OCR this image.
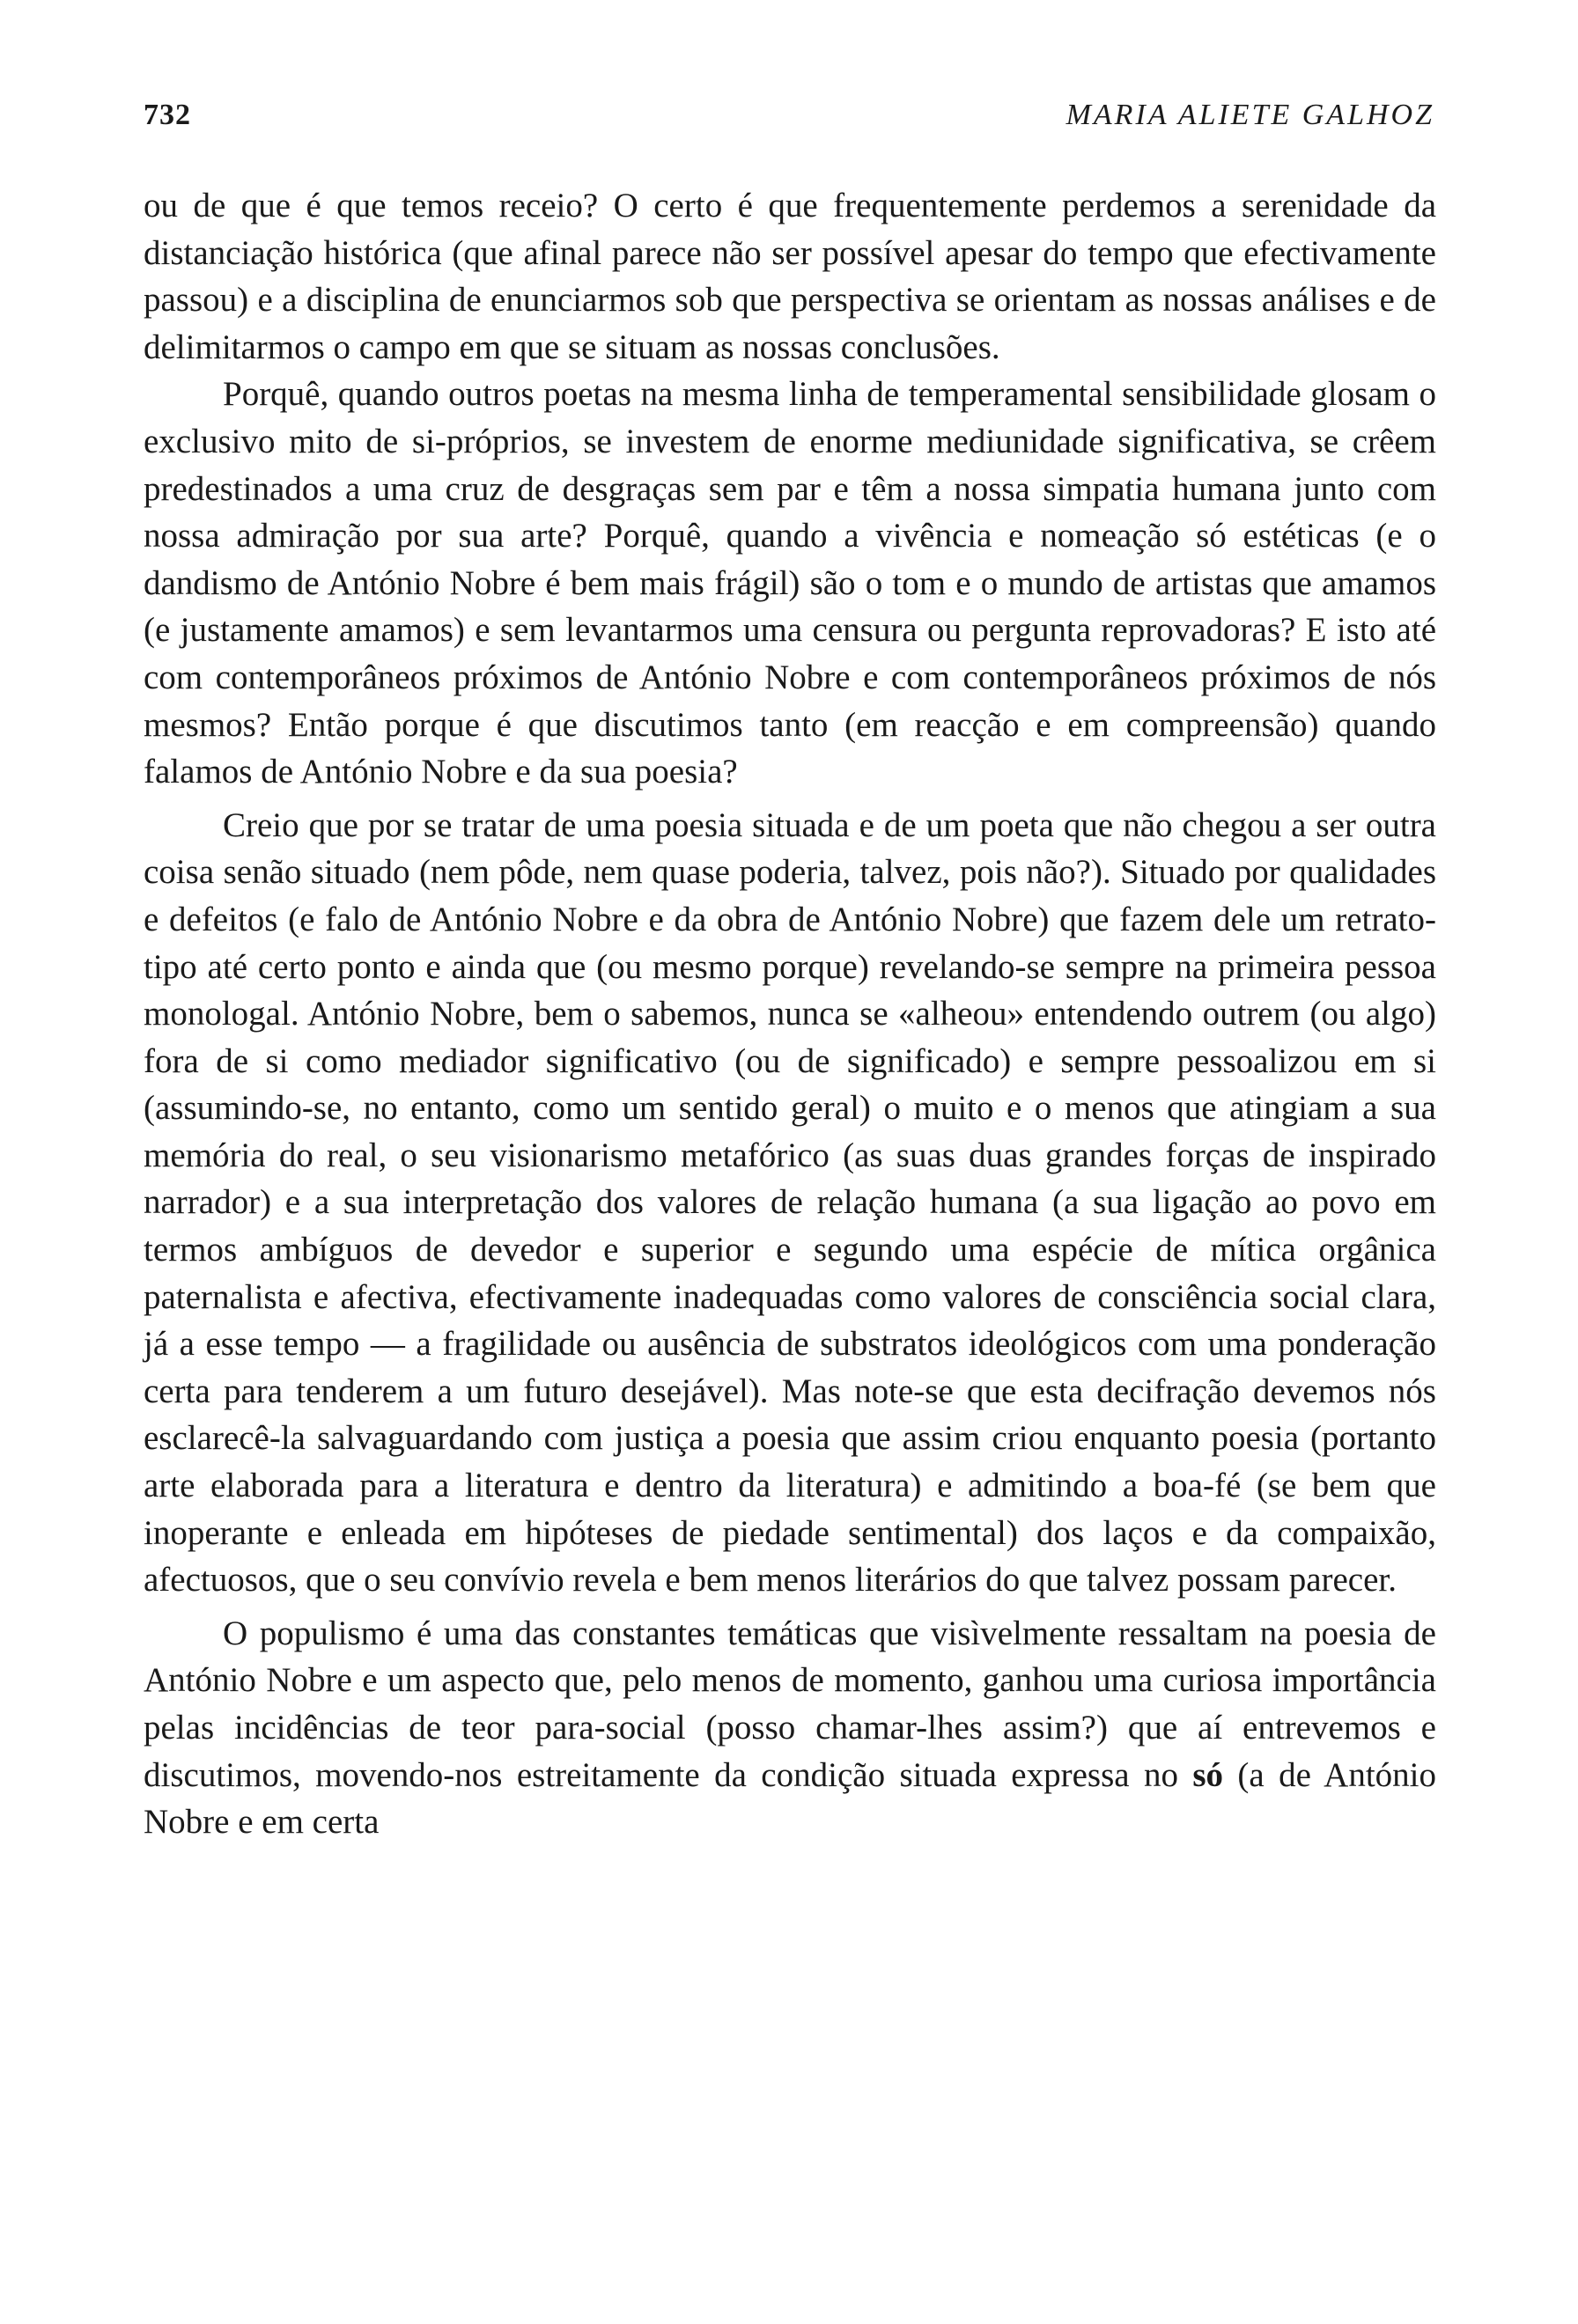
732	MARIA ALIETE GALHOZ

ou de que é que temos receio? O certo é que frequentemente perdemos a serenidade da distanciação histórica (que afinal parece não ser possível apesar do tempo que efectivamente passou) e a disciplina de enunciarmos sob que perspectiva se orientam as nossas análises e de delimitarmos o campo em que se situam as nossas conclusões.

Porquê, quando outros poetas na mesma linha de temperamental sensibilidade glosam o exclusivo mito de si-próprios, se investem de enorme mediunidade significativa, se crêem predestinados a uma cruz de desgraças sem par e têm a nossa simpatia humana junto com nossa admiração por sua arte? Porquê, quando a vivência e nomeação só estéticas (e o dandismo de António Nobre é bem mais frágil) são o tom e o mundo de artistas que amamos (e justamente amamos) e sem levantarmos uma censura ou pergunta reprovadoras? E isto até com contemporâneos próximos de António Nobre e com contemporâneos próximos de nós mesmos? Então porque é que discutimos tanto (em reacção e em compreensão) quando falamos de António Nobre e da sua poesia?

Creio que por se tratar de uma poesia situada e de um poeta que não chegou a ser outra coisa senão situado (nem pôde, nem quase poderia, talvez, pois não?). Situado por qualidades e defeitos (e falo de António Nobre e da obra de António Nobre) que fazem dele um retrato-tipo até certo ponto e ainda que (ou mesmo porque) revelando-se sempre na primeira pessoa monologal. António Nobre, bem o sabemos, nunca se «alheou» entendendo outrem (ou algo) fora de si como mediador significativo (ou de significado) e sempre pessoalizou em si (assumindo-se, no entanto, como um sentido geral) o muito e o menos que atingiam a sua memória do real, o seu visionarismo metafórico (as suas duas grandes forças de inspirado narrador) e a sua interpretação dos valores de relação humana (a sua ligação ao povo em termos ambíguos de devedor e superior e segundo uma espécie de mítica orgânica paternalista e afectiva, efectivamente inadequadas como valores de consciência social clara, já a esse tempo — a fragilidade ou ausência de substratos ideológicos com uma ponderação certa para tenderem a um futuro desejável). Mas note-se que esta decifração devemos nós esclarecê-la salvaguardando com justiça a poesia que assim criou enquanto poesia (portanto arte elaborada para a literatura e dentro da literatura) e admitindo a boa-fé (se bem que inoperante e enleada em hipóteses de piedade sentimental) dos laços e da compaixão, afectuosos, que o seu convívio revela e bem menos literários do que talvez possam parecer.

O populismo é uma das constantes temáticas que visìvelmente ressaltam na poesia de António Nobre e um aspecto que, pelo menos de momento, ganhou uma curiosa importância pelas incidências de teor para-social (posso chamar-lhes assim?) que aí entrevemos e discutimos, movendo-nos estreitamente da condição situada expressa no só (a de António Nobre e em certa
